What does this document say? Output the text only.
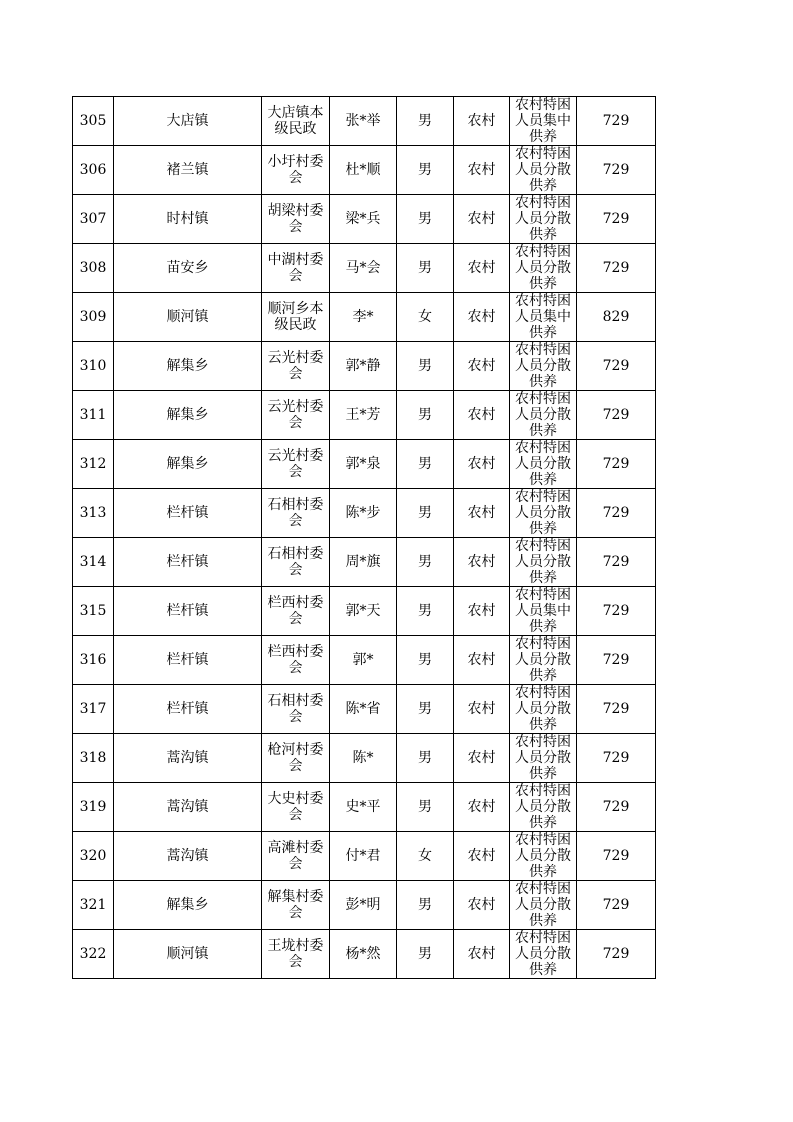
305	大店镇	大店镇本级民政	张*举	男	农村	农村特困人员集中供养	729
306	褚兰镇	小圩村委会	杜*顺	男	农村	农村特困人员分散供养	729
307	时村镇	胡梁村委会	梁*兵	男	农村	农村特困人员分散供养	729
308	苗安乡	中湖村委会	马*会	男	农村	农村特困人员分散供养	729
309	顺河镇	顺河乡本级民政	李*	女	农村	农村特困人员集中供养	829
310	解集乡	云光村委会	郭*静	男	农村	农村特困人员分散供养	729
311	解集乡	云光村委会	王*芳	男	农村	农村特困人员分散供养	729
312	解集乡	云光村委会	郭*泉	男	农村	农村特困人员分散供养	729
313	栏杆镇	石相村委会	陈*步	男	农村	农村特困人员分散供养	729
314	栏杆镇	石相村委会	周*旗	男	农村	农村特困人员分散供养	729
315	栏杆镇	栏西村委会	郭*天	男	农村	农村特困人员集中供养	729
316	栏杆镇	栏西村委会	郭*	男	农村	农村特困人员分散供养	729
317	栏杆镇	石相村委会	陈*省	男	农村	农村特困人员分散供养	729
318	蒿沟镇	枪河村委会	陈*	男	农村	农村特困人员分散供养	729
319	蒿沟镇	大史村委会	史*平	男	农村	农村特困人员分散供养	729
320	蒿沟镇	高滩村委会	付*君	女	农村	农村特困人员分散供养	729
321	解集乡	解集村委会	彭*明	男	农村	农村特困人员分散供养	729
322	顺河镇	王垅村委会	杨*然	男	农村	农村特困人员分散供养	729
